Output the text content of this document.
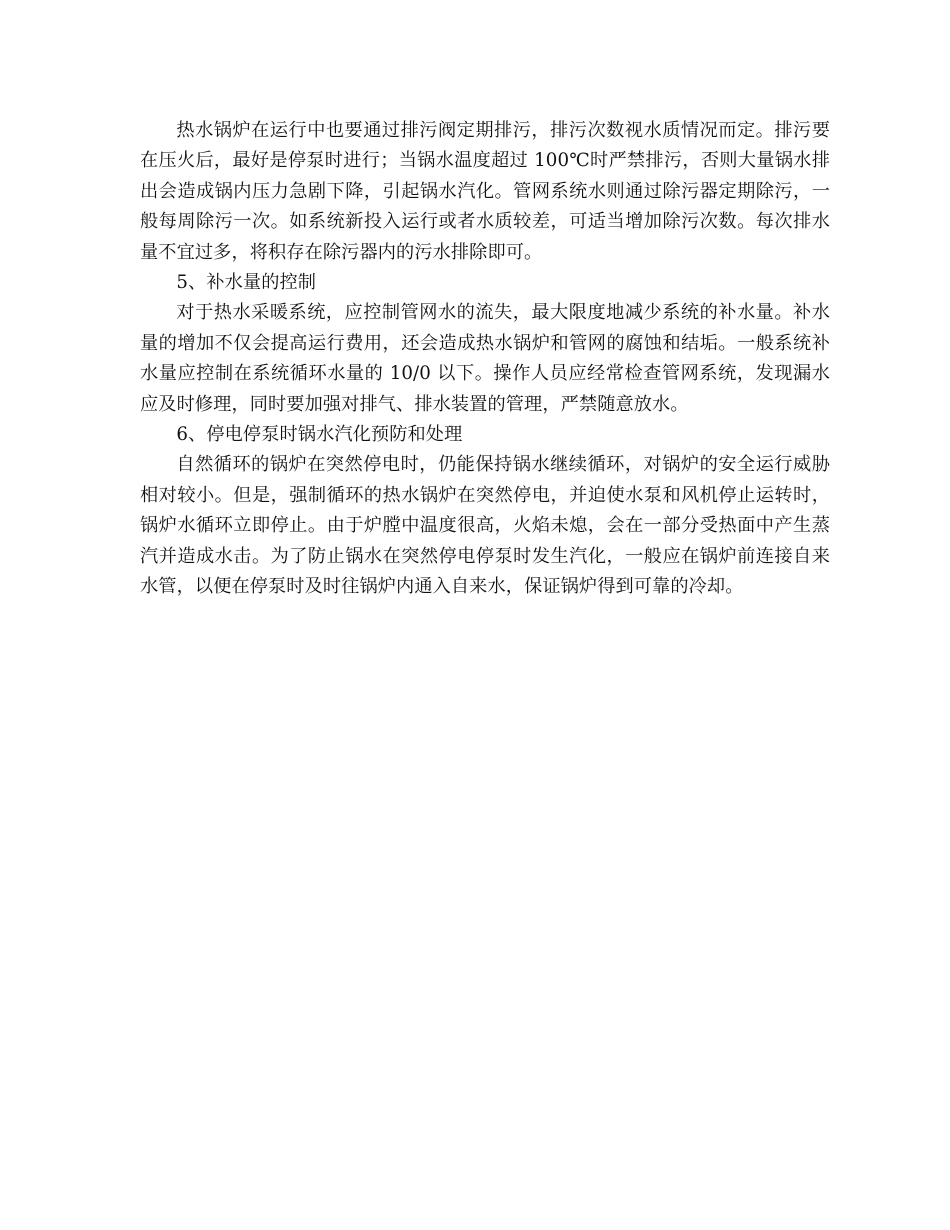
热水锅炉在运行中也要通过排污阀定期排污，排污次数视水质情况而定。排污要在压火后，最好是停泵时进行；当锅水温度超过 100℃时严禁排污，否则大量锅水排出会造成锅内压力急剧下降，引起锅水汽化。管网系统水则通过除污器定期除污，一般每周除污一次。如系统新投入运行或者水质较差，可适当增加除污次数。每次排水量不宜过多，将积存在除污器内的污水排除即可。

5、补水量的控制

对于热水采暖系统，应控制管网水的流失，最大限度地减少系统的补水量。补水量的增加不仅会提高运行费用，还会造成热水锅炉和管网的腐蚀和结垢。一般系统补水量应控制在系统循环水量的 10/0 以下。操作人员应经常检查管网系统，发现漏水应及时修理，同时要加强对排气、排水装置的管理，严禁随意放水。

6、停电停泵时锅水汽化预防和处理

自然循环的锅炉在突然停电时，仍能保持锅水继续循环，对锅炉的安全运行威胁相对较小。但是，强制循环的热水锅炉在突然停电，并迫使水泵和风机停止运转时，锅炉水循环立即停止。由于炉膛中温度很高，火焰未熄，会在一部分受热面中产生蒸汽并造成水击。为了防止锅水在突然停电停泵时发生汽化，一般应在锅炉前连接自来水管，以便在停泵时及时往锅炉内通入自来水，保证锅炉得到可靠的冷却。
